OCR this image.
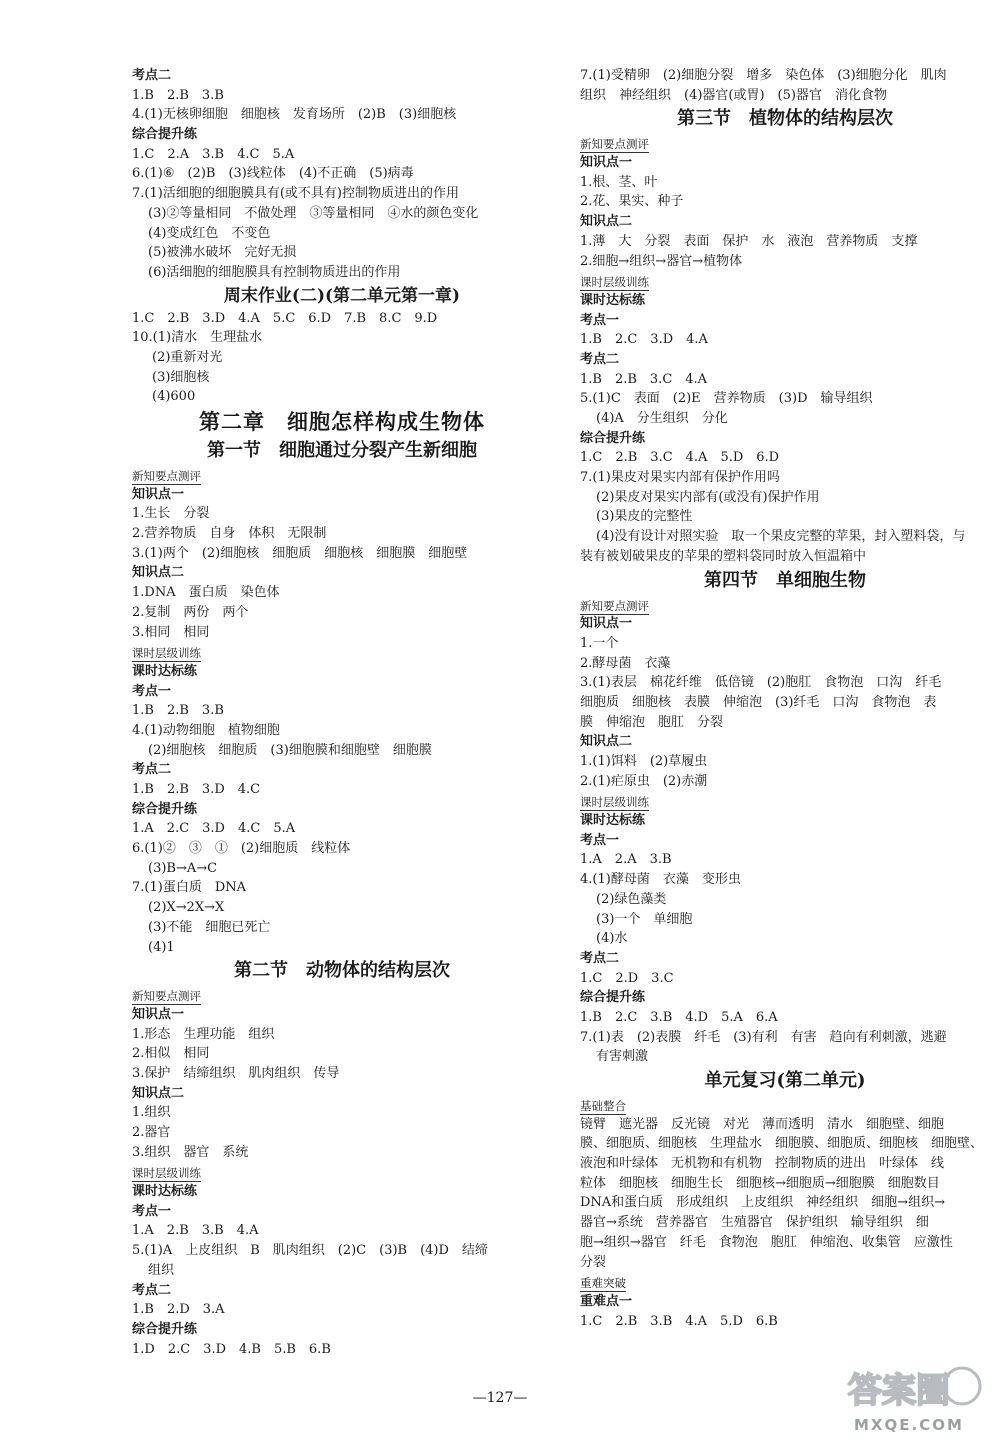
考点二
1.B　2.B　3.B
4.(1)无核卵细胞　细胞核　发育场所　(2)B　(3)细胞核
综合提升练
1.C　2.A　3.B　4.C　5.A
6.(1)⑥　(2)B　(3)线粒体　(4)不正确　(5)病毒
7.(1)活细胞的细胞膜具有(或不具有)控制物质进出的作用
(3)②等量相同　不做处理　③等量相同　④水的颜色变化
(4)变成红色　不变色
(5)被沸水破坏　完好无损
(6)活细胞的细胞膜具有控制物质进出的作用
周末作业(二)(第二单元第一章)
1.C　2.B　3.D　4.A　5.C　6.D　7.B　8.C　9.D
10.(1)清水　生理盐水
(2)重新对光
(3)细胞核
(4)600
第二章　细胞怎样构成生物体
第一节　细胞通过分裂产生新细胞
新知要点测评
知识点一
1.生长　分裂
2.营养物质　自身　体积　无限制
3.(1)两个　(2)细胞核　细胞质　细胞核　细胞膜　细胞壁
知识点二
1.DNA　蛋白质　染色体
2.复制　两份　两个
3.相同　相同
课时层级训练
课时达标练
考点一
1.B　2.B　3.B
4.(1)动物细胞　植物细胞
(2)细胞核　细胞质　(3)细胞膜和细胞壁　细胞膜
考点二
1.B　2.B　3.D　4.C
综合提升练
1.A　2.C　3.D　4.C　5.A
6.(1)②　③　①　(2)细胞质　线粒体
(3)B→A→C
7.(1)蛋白质　DNA
(2)X→2X→X
(3)不能　细胞已死亡
(4)1
第二节　动物体的结构层次
新知要点测评
知识点一
1.形态　生理功能　组织
2.相似　相同
3.保护　结缔组织　肌肉组织　传导
知识点二
1.组织
2.器官
3.组织　器官　系统
课时层级训练
课时达标练
考点一
1.A　2.B　3.B　4.A
5.(1)A　上皮组织　B　肌肉组织　(2)C　(3)B　(4)D　结缔
组织
考点二
1.B　2.D　3.A
综合提升练
1.D　2.C　3.D　4.B　5.B　6.B
7.(1)受精卵　(2)细胞分裂　增多　染色体　(3)细胞分化　肌肉
组织　神经组织　(4)器官(或胃)　(5)器官　消化食物
第三节　植物体的结构层次
新知要点测评
知识点一
1.根、茎、叶
2.花、果实、种子
知识点二
1.薄　大　分裂　表面　保护　水　液泡　营养物质　支撑
2.细胞→组织→器官→植物体
课时层级训练
课时达标练
考点一
1.B　2.C　3.D　4.A
考点二
1.B　2.B　3.C　4.A
5.(1)C　表面　(2)E　营养物质　(3)D　输导组织
(4)A　分生组织　分化
综合提升练
1.C　2.B　3.C　4.A　5.D　6.D
7.(1)果皮对果实内部有保护作用吗
(2)果皮对果实内部有(或没有)保护作用
(3)果皮的完整性
(4)没有设计对照实验　取一个果皮完整的苹果，封入塑料袋，与
装有被划破果皮的苹果的塑料袋同时放入恒温箱中
第四节　单细胞生物
新知要点测评
知识点一
1.一个
2.酵母菌　衣藻
3.(1)表层　棉花纤维　低倍镜　(2)胞肛　食物泡　口沟　纤毛
细胞质　细胞核　表膜　伸缩泡　(3)纤毛　口沟　食物泡　表
膜　伸缩泡　胞肛　分裂
知识点二
1.(1)饵料　(2)草履虫
2.(1)疟原虫　(2)赤潮
课时层级训练
课时达标练
考点一
1.A　2.A　3.B
4.(1)酵母菌　衣藻　变形虫
(2)绿色藻类
(3)一个　单细胞
(4)水
考点二
1.C　2.D　3.C
综合提升练
1.B　2.C　3.B　4.D　5.A　6.A
7.(1)表　(2)表膜　纤毛　(3)有利　有害　趋向有利刺激，逃避
有害刺激
单元复习(第二单元)
基础整合
镜臂　遮光器　反光镜　对光　薄而透明　清水　细胞壁、细胞
膜、细胞质、细胞核　生理盐水　细胞膜、细胞质、细胞核　细胞壁、
液泡和叶绿体　无机物和有机物　控制物质的进出　叶绿体　线
粒体　细胞核　细胞生长　细胞核→细胞质→细胞膜　细胞数目
DNA和蛋白质　形成组织　上皮组织　神经组织　细胞→组织→
器官→系统　营养器官　生殖器官　保护组织　输导组织　细
胞→组织→器官　纤毛　食物泡　胞肛　伸缩泡、收集管　应激性
分裂
重难突破
重难点一
1.C　2.B　3.B　4.A　5.D　6.B
—127—	答案圈
MXQE.COM
